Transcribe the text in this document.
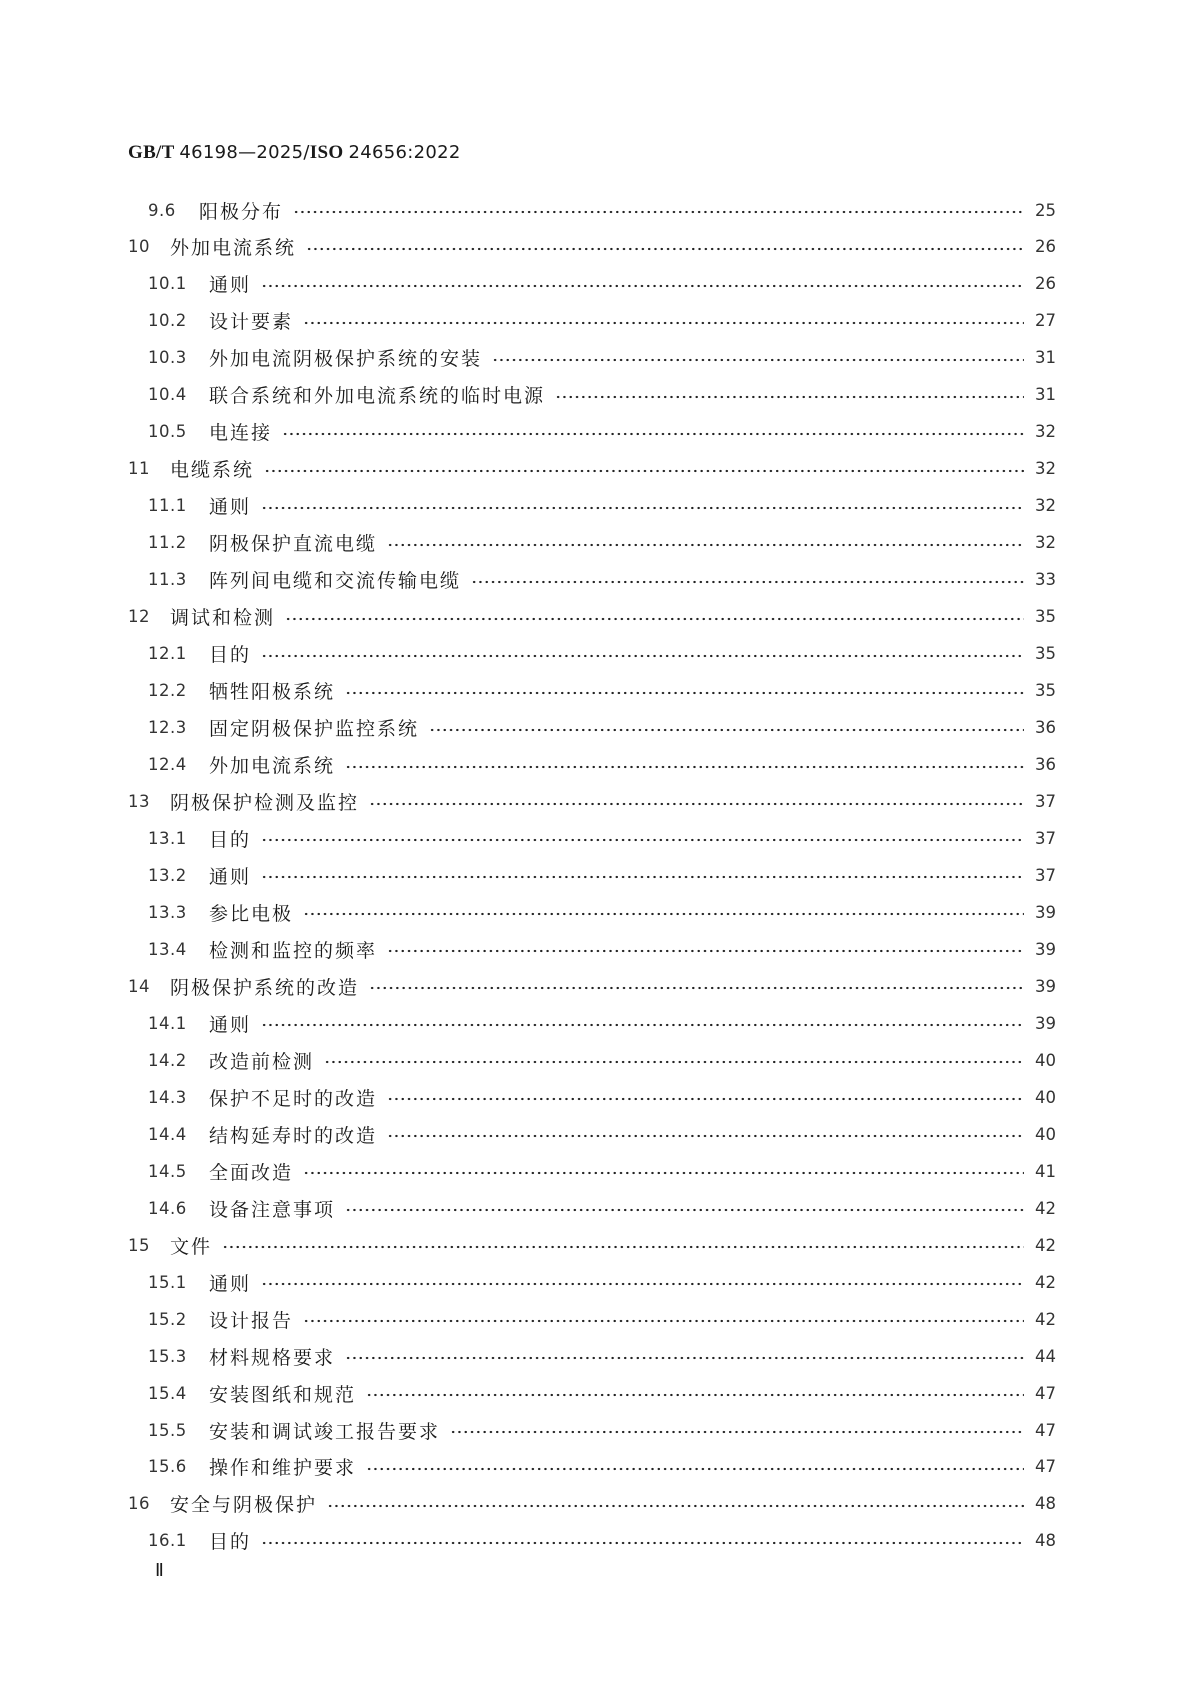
GB/T 46198—2025/ISO 24656:2022
9.6	阳极分布	25
10	外加电流系统	26
10.1	通则	26
10.2	设计要素	27
10.3	外加电流阴极保护系统的安装	31
10.4	联合系统和外加电流系统的临时电源	31
10.5	电连接	32
11	电缆系统	32
11.1	通则	32
11.2	阴极保护直流电缆	32
11.3	阵列间电缆和交流传输电缆	33
12	调试和检测	35
12.1	目的	35
12.2	牺牲阳极系统	35
12.3	固定阴极保护监控系统	36
12.4	外加电流系统	36
13	阴极保护检测及监控	37
13.1	目的	37
13.2	通则	37
13.3	参比电极	39
13.4	检测和监控的频率	39
14	阴极保护系统的改造	39
14.1	通则	39
14.2	改造前检测	40
14.3	保护不足时的改造	40
14.4	结构延寿时的改造	40
14.5	全面改造	41
14.6	设备注意事项	42
15	文件	42
15.1	通则	42
15.2	设计报告	42
15.3	材料规格要求	44
15.4	安装图纸和规范	47
15.5	安装和调试竣工报告要求	47
15.6	操作和维护要求	47
16	安全与阴极保护	48
16.1	目的	48
Ⅱ
